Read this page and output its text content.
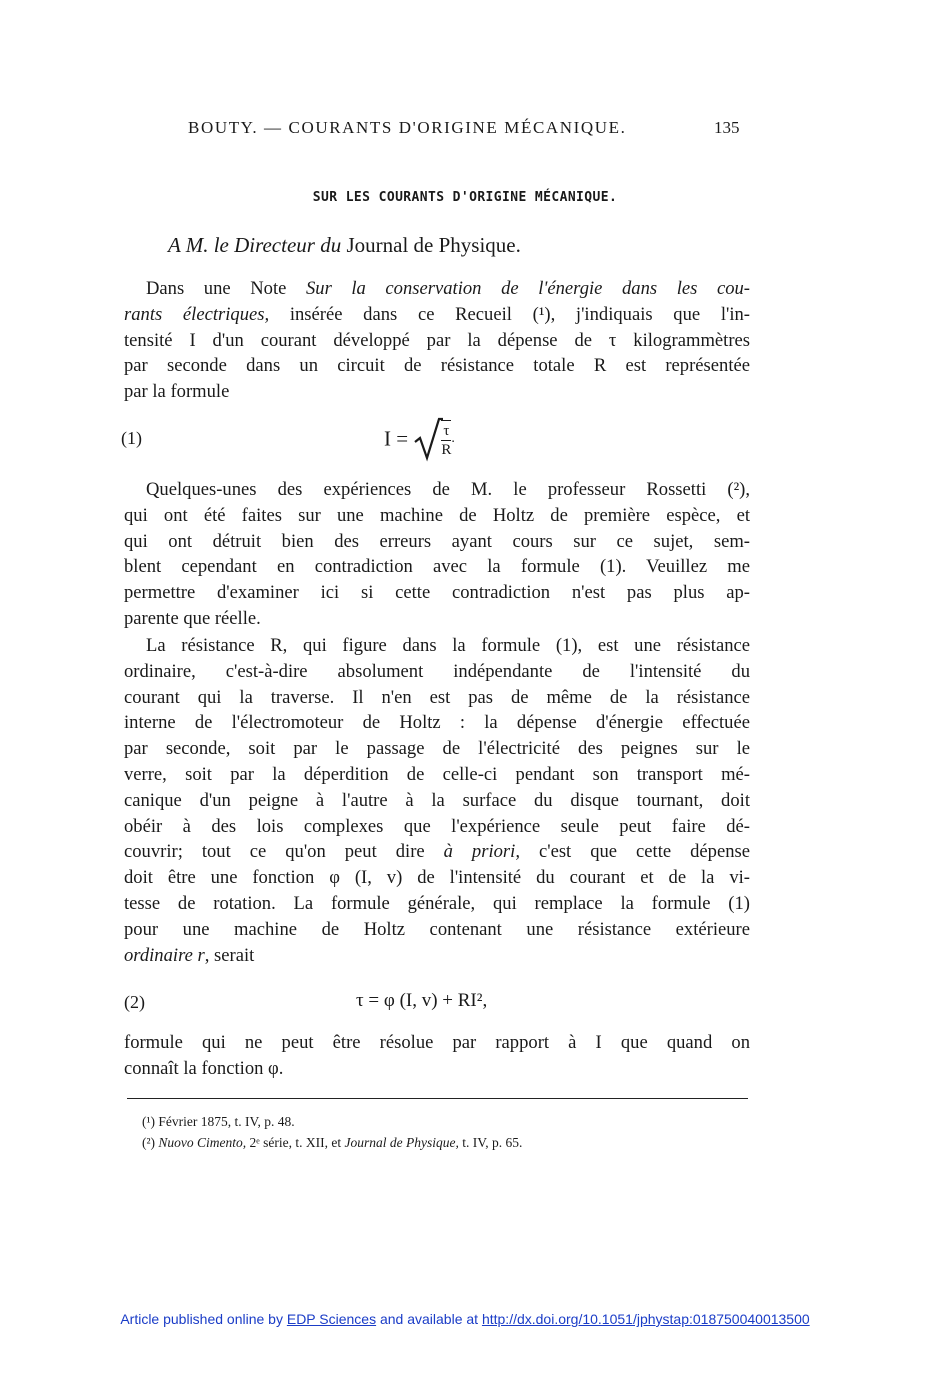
BOUTY. — COURANTS D'ORIGINE MÉCANIQUE.	135
SUR LES COURANTS D'ORIGINE MÉCANIQUE.
A M. le Directeur du Journal de Physique.
Dans une Note Sur la conservation de l'énergie dans les cou-
rants électriques, insérée dans ce Recueil (¹), j'indiquais que l'in-
tensité I d'un courant développé par la dépense de τ kilogrammètres
par seconde dans un circuit de résistance totale R est représentée
par la formule
(1)	$I = \frac{\tau}{R}$ .
Quelques-unes des expériences de M. le professeur Rossetti (²),
qui ont été faites sur une machine de Holtz de première espèce, et
qui ont détruit bien des erreurs ayant cours sur ce sujet, sem-
blent cependant en contradiction avec la formule (1). Veuillez me
permettre d'examiner ici si cette contradiction n'est pas plus ap-
parente que réelle.
La résistance R, qui figure dans la formule (1), est une résistance
ordinaire, c'est-à-dire absolument indépendante de l'intensité du
courant qui la traverse. Il n'en est pas de même de la résistance
interne de l'électromoteur de Holtz : la dépense d'énergie effectuée
par seconde, soit par le passage de l'électricité des peignes sur le
verre, soit par la déperdition de celle-ci pendant son transport mé-
canique d'un peigne à l'autre à la surface du disque tournant, doit
obéir à des lois complexes que l'expérience seule peut faire dé-
couvrir; tout ce qu'on peut dire à priori, c'est que cette dépense
doit être une fonction φ (I, v) de l'intensité du courant et de la vi-
tesse de rotation. La formule générale, qui remplace la formule (1)
pour une machine de Holtz contenant une résistance extérieure
ordinaire r, serait
(2)	τ = φ (I, v) + RI²,
formule qui ne peut être résolue par rapport à I que quand on
connaît la fonction φ.
(¹) Février 1875, t. IV, p. 48.
(²) Nuovo Cimento, 2ᵉ série, t. XII, et Journal de Physique, t. IV, p. 65.
Article published online by EDP Sciences and available at http://dx.doi.org/10.1051/jphystap:018750040013500
